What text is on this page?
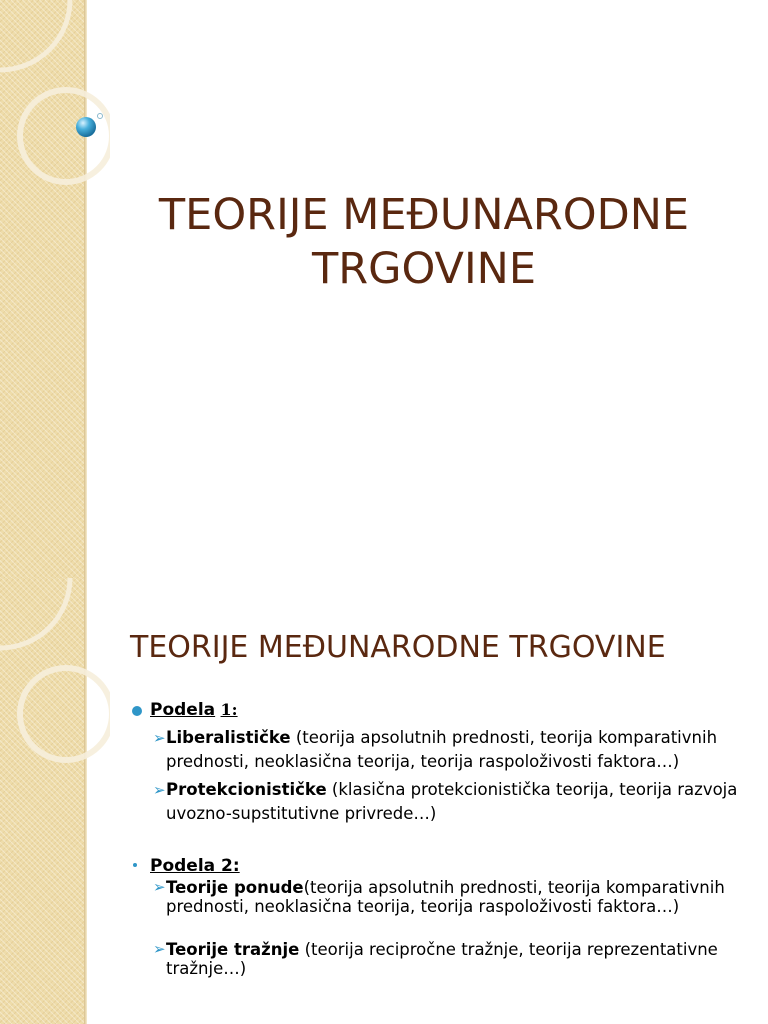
TEORIJE MEĐUNARODNE TRGOVINE
TEORIJE MEĐUNARODNE TRGOVINE
Podela 1:
➢ Liberalističke (teorija apsolutnih prednosti, teorija komparativnih prednosti, neoklasična teorija, teorija raspoloživosti faktora…)
➢ Protekcionističke (klasična protekcionistička teorija, teorija razvoja uvozno-supstitutivne privrede…)
Podela 2:
➢ Teorije ponude(teorija apsolutnih prednosti, teorija komparativnih prednosti, neoklasična teorija, teorija raspoloživosti faktora…)
➢ Teorije tražnje (teorija recipročne tražnje, teorija reprezentativne tražnje…)
